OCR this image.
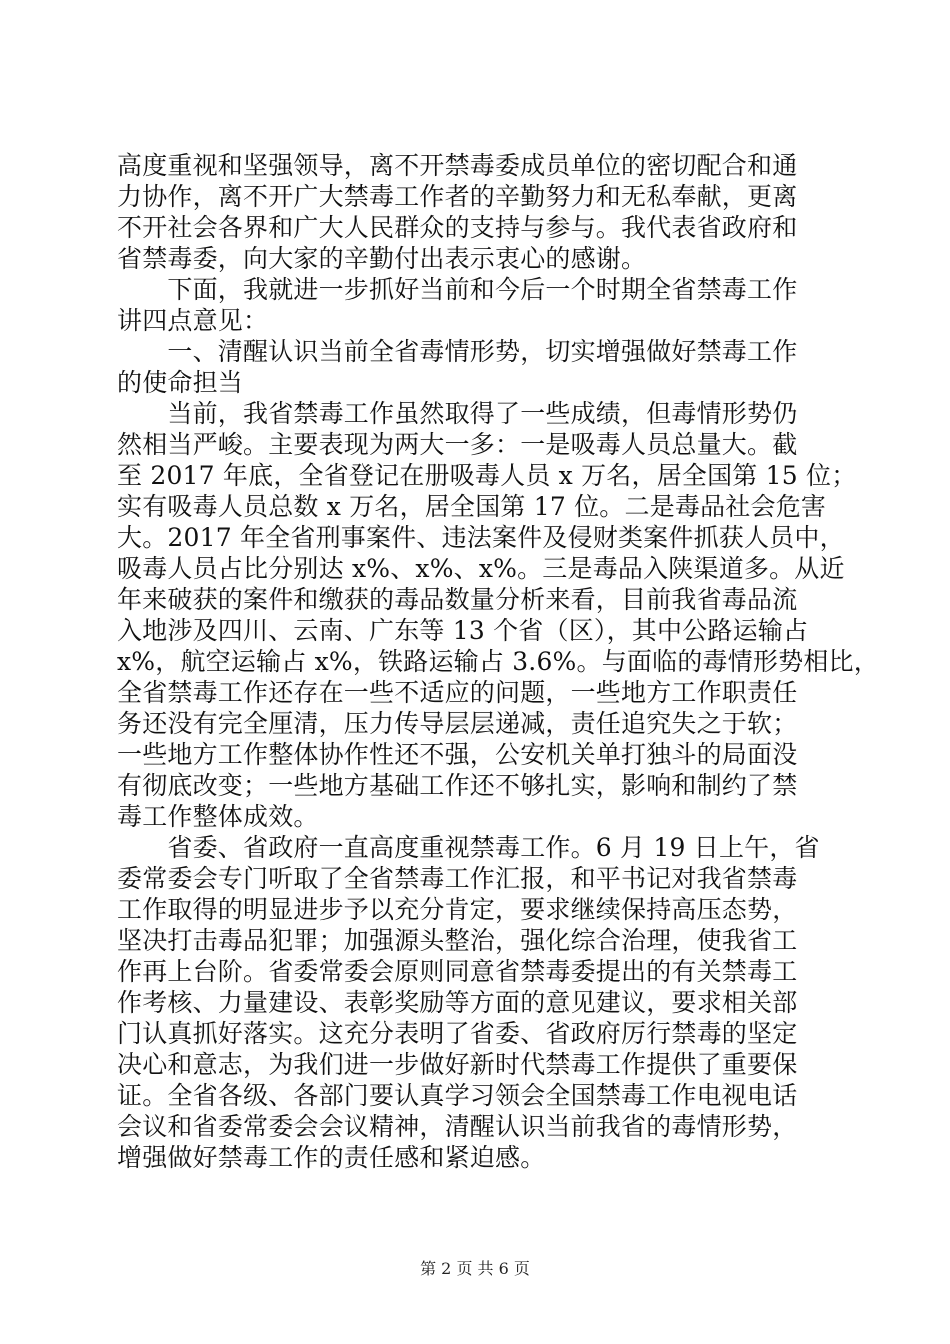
高度重视和坚强领导，离不开禁毒委成员单位的密切配合和通
力协作，离不开广大禁毒工作者的辛勤努力和无私奉献，更离
不开社会各界和广大人民群众的支持与参与。我代表省政府和
省禁毒委，向大家的辛勤付出表示衷心的感谢。
　　下面，我就进一步抓好当前和今后一个时期全省禁毒工作
讲四点意见：
　　一、清醒认识当前全省毒情形势，切实增强做好禁毒工作
的使命担当
　　当前，我省禁毒工作虽然取得了一些成绩，但毒情形势仍
然相当严峻。主要表现为两大一多：一是吸毒人员总量大。截
至 2017 年底，全省登记在册吸毒人员 x 万名，居全国第 15 位；
实有吸毒人员总数 x 万名，居全国第 17 位。二是毒品社会危害
大。2017 年全省刑事案件、违法案件及侵财类案件抓获人员中，
吸毒人员占比分别达 x%、x%、x%。三是毒品入陕渠道多。从近
年来破获的案件和缴获的毒品数量分析来看，目前我省毒品流
入地涉及四川、云南、广东等 13 个省（区），其中公路运输占
x%，航空运输占 x%，铁路运输占 3.6%。与面临的毒情形势相比，
全省禁毒工作还存在一些不适应的问题，一些地方工作职责任
务还没有完全厘清，压力传导层层递减，责任追究失之于软；
一些地方工作整体协作性还不强，公安机关单打独斗的局面没
有彻底改变；一些地方基础工作还不够扎实，影响和制约了禁
毒工作整体成效。
　　省委、省政府一直高度重视禁毒工作。6 月 19 日上午，省
委常委会专门听取了全省禁毒工作汇报，和平书记对我省禁毒
工作取得的明显进步予以充分肯定，要求继续保持高压态势，
坚决打击毒品犯罪；加强源头整治，强化综合治理，使我省工
作再上台阶。省委常委会原则同意省禁毒委提出的有关禁毒工
作考核、力量建设、表彰奖励等方面的意见建议，要求相关部
门认真抓好落实。这充分表明了省委、省政府厉行禁毒的坚定
决心和意志，为我们进一步做好新时代禁毒工作提供了重要保
证。全省各级、各部门要认真学习领会全国禁毒工作电视电话
会议和省委常委会会议精神，清醒认识当前我省的毒情形势，
增强做好禁毒工作的责任感和紧迫感。
第 2 页 共 6 页
